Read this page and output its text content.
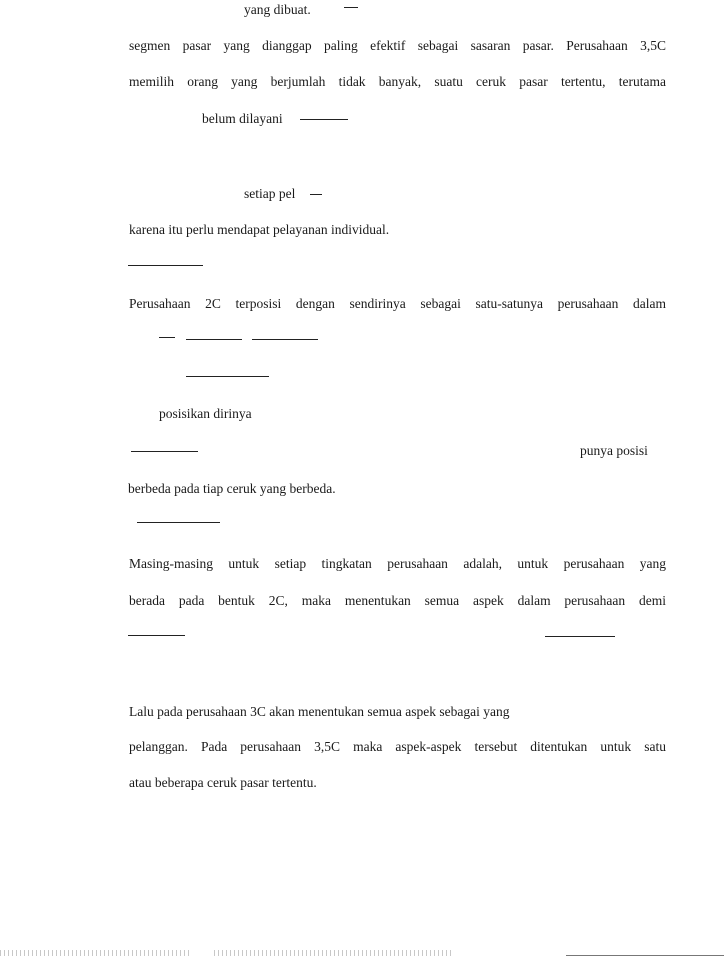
yang dibuat.
segmen pasar yang dianggap paling efektif sebagai sasaran pasar. Perusahaan 3,5C
memilih orang yang berjumlah tidak banyak, suatu ceruk pasar tertentu, terutama
belum dilayani
setiap pel
karena itu perlu mendapat pelayanan individual.
Perusahaan 2C terposisi dengan sendirinya sebagai satu-satunya perusahaan dalam
posisikan dirinya
punya posisi
berbeda pada tiap ceruk yang berbeda.
Masing-masing untuk setiap tingkatan perusahaan adalah, untuk perusahaan yang
berada pada bentuk 2C, maka menentukan semua aspek dalam perusahaan demi
Lalu pada perusahaan 3C akan menentukan semua aspek sebagai yang
pelanggan. Pada perusahaan 3,5C maka aspek-aspek tersebut ditentukan untuk satu
atau beberapa ceruk pasar tertentu.
